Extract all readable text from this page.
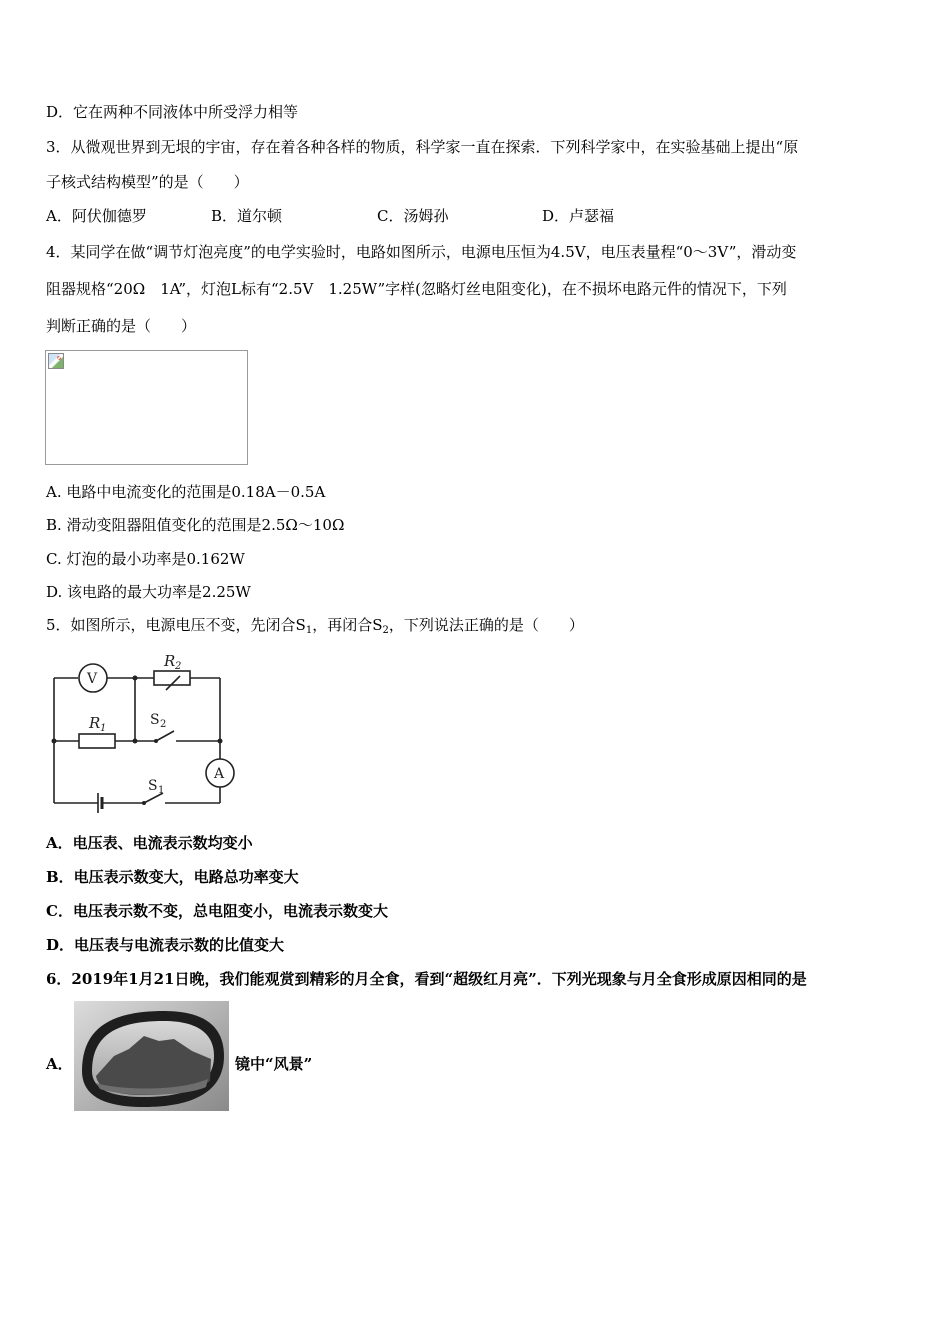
D．它在两种不同液体中所受浮力相等
3．从微观世界到无垠的宇宙，存在着各种各样的物质，科学家一直在探索．下列科学家中，在实验基础上提出“原
子核式结构模型”的是（　　）
A．阿伏伽德罗	B．道尔顿	C．汤姆孙	D．卢瑟福
4．某同学在做“调节灯泡亮度”的电学实验时，电路如图所示，电源电压恒为4.5V，电压表量程“0～3V”，滑动变
阻器规格“20Ω　1A”，灯泡L标有“2.5V　1.25W”字样(忽略灯丝电阻变化)，在不损坏电路元件的情况下，下列
判断正确的是（　　）
A. 电路中电流变化的范围是0.18A－0.5A
B. 滑动变阻器阻值变化的范围是2.5Ω～10Ω
C. 灯泡的最小功率是0.162W
D. 该电路的最大功率是2.25W
5．如图所示，电源电压不变，先闭合$S_1$，再闭合$S_2$，下列说法正确的是（　　）
V
A
R 2
R 1
S 2
S 1
A．电压表、电流表示数均变小
B．电压表示数变大，电路总功率变大
C．电压表示数不变，总电阻变小，电流表示数变大
D．电压表与电流表示数的比值变大
6．2019年1月21日晚，我们能观赏到精彩的月全食，看到“超级红月亮”．下列光现象与月全食形成原因相同的是
A．	镜中“风景”
